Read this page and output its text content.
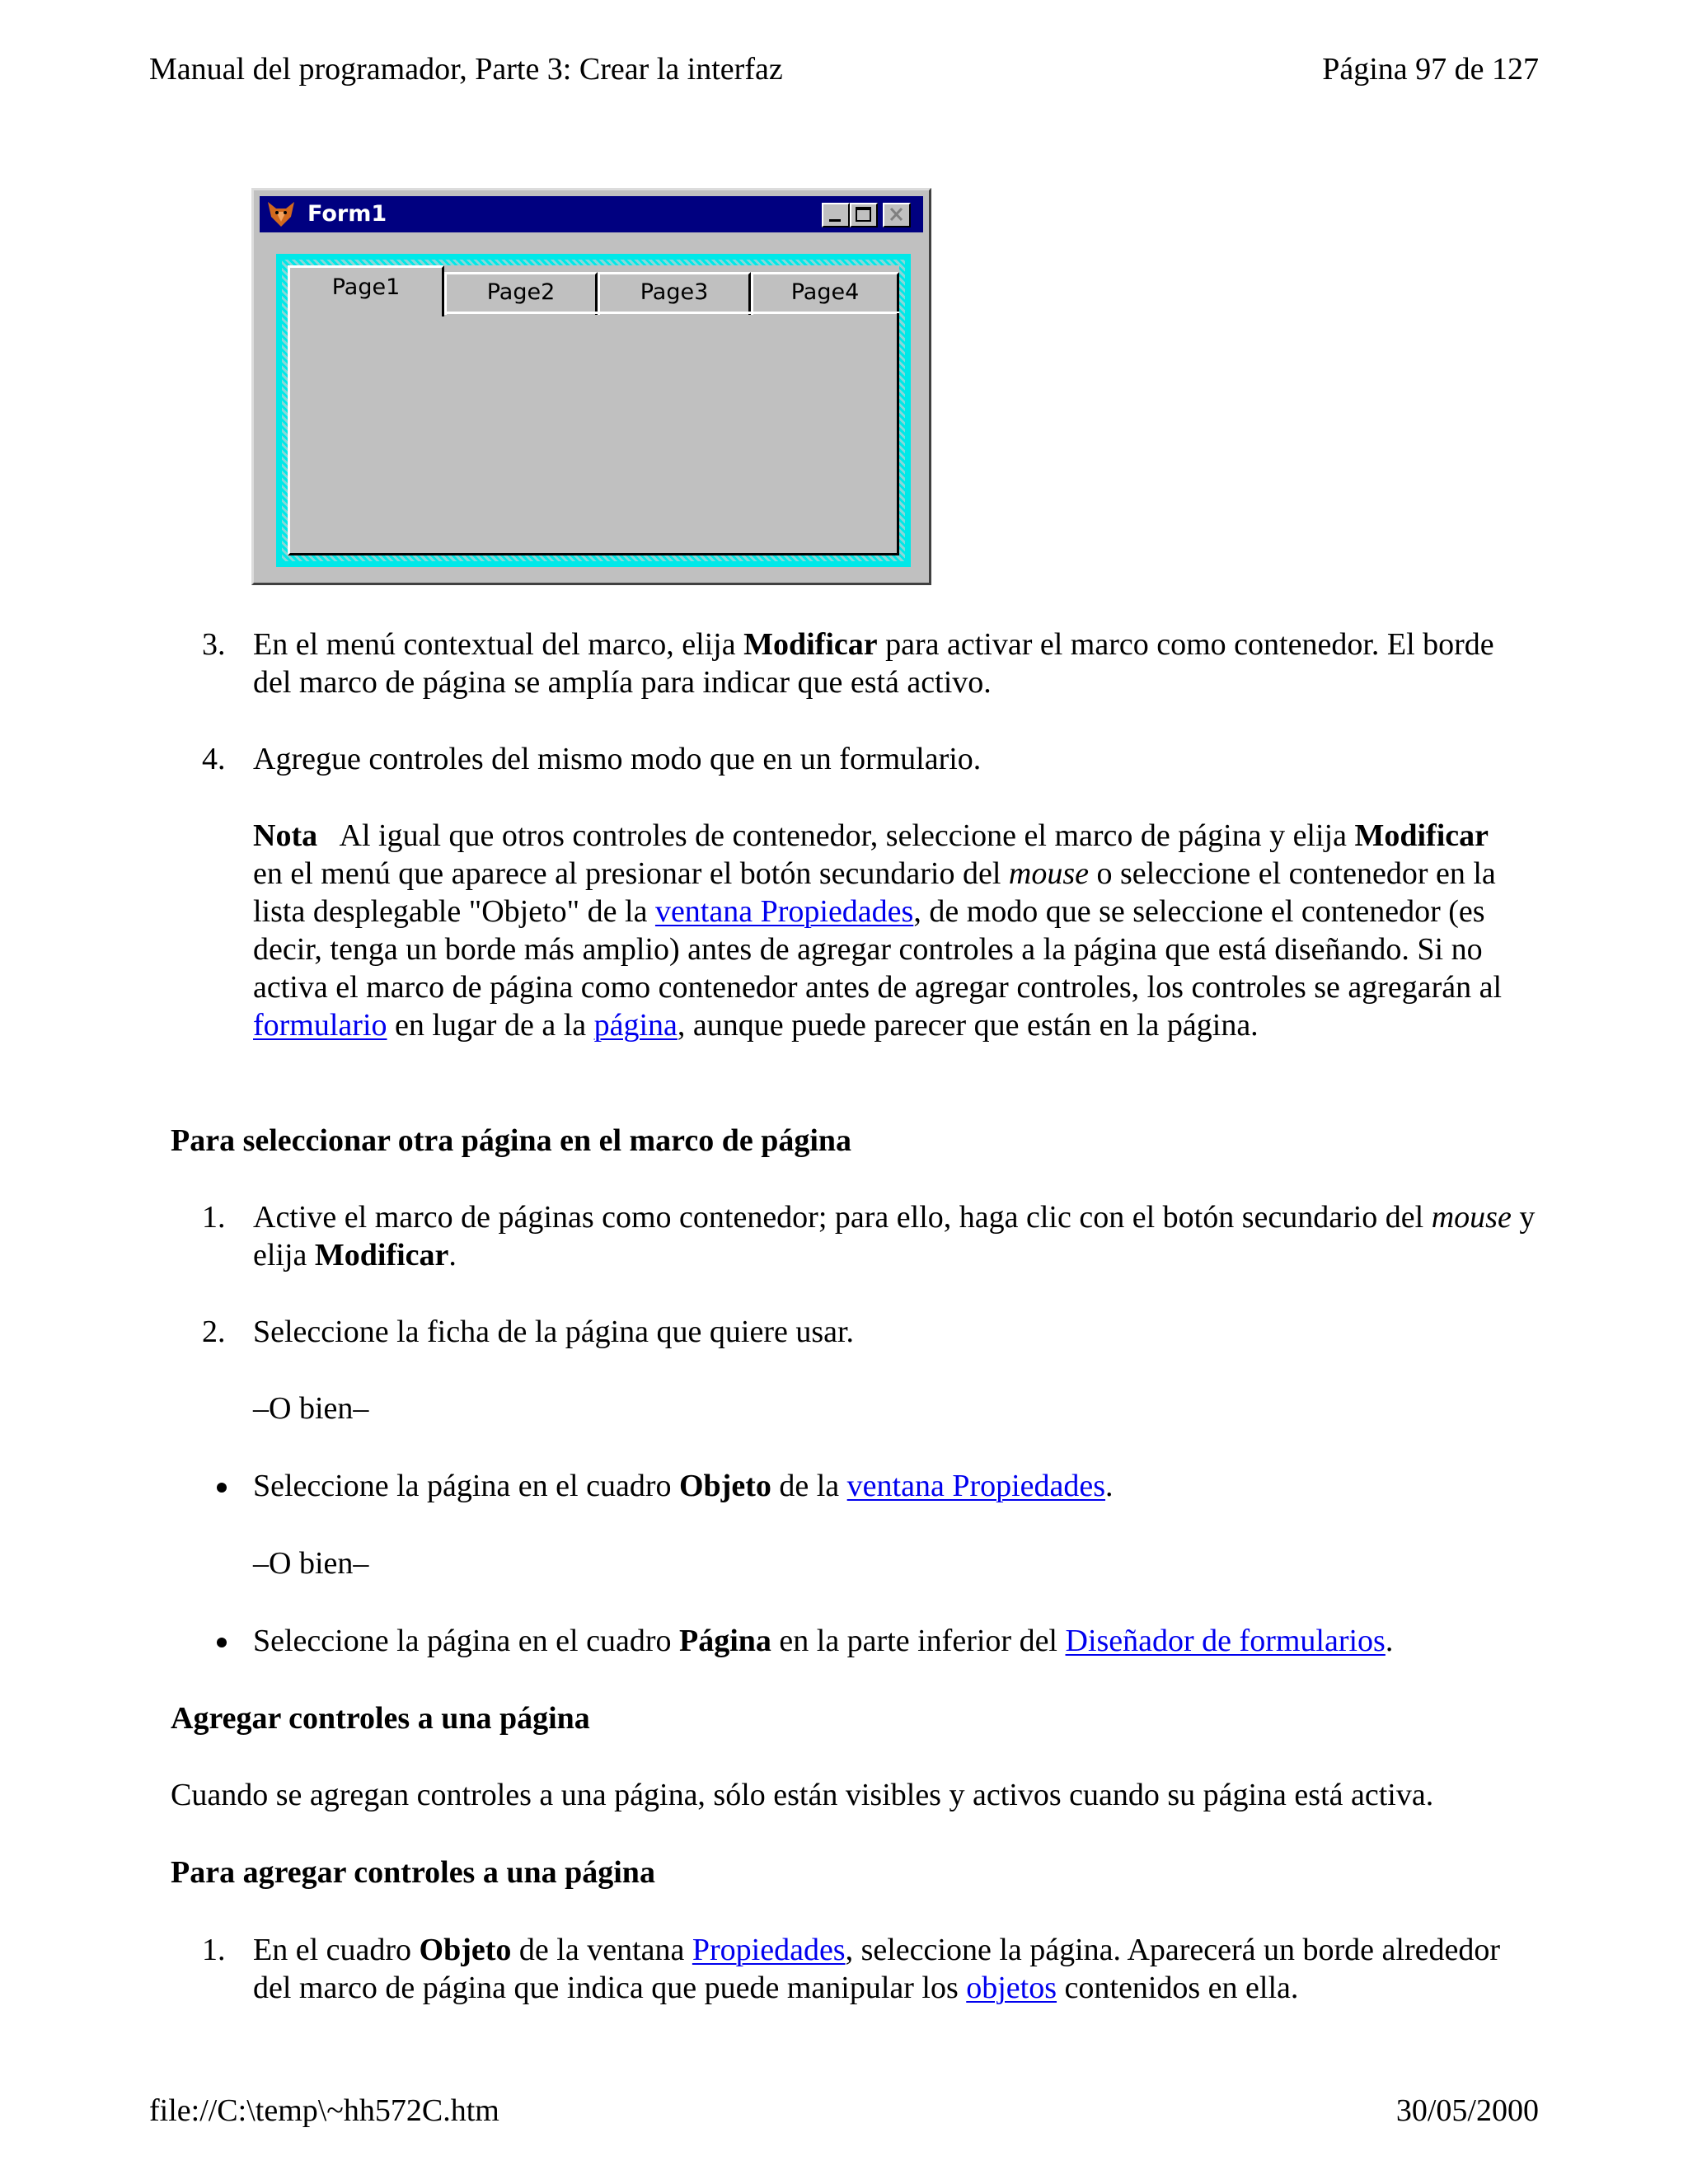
Manual del programador, Parte 3: Crear la interfaz	Página 97 de 127
Form1
Page1	Page2	Page3	Page4
3. En el menú contextual del marco, elija Modificar para activar el marco como contenedor. El borde del marco de página se amplía para indicar que está activo.
4. Agregue controles del mismo modo que en un formulario.
Nota Al igual que otros controles de contenedor, seleccione el marco de página y elija Modificar en el menú que aparece al presionar el botón secundario del mouse o seleccione el contenedor en la lista desplegable "Objeto" de la ventana Propiedades, de modo que se seleccione el contenedor (es decir, tenga un borde más amplio) antes de agregar controles a la página que está diseñando. Si no activa el marco de página como contenedor antes de agregar controles, los controles se agregarán al formulario en lugar de a la página, aunque puede parecer que están en la página.
Para seleccionar otra página en el marco de página
1. Active el marco de páginas como contenedor; para ello, haga clic con el botón secundario del mouse y elija Modificar.
2. Seleccione la ficha de la página que quiere usar.
–O bien–
Seleccione la página en el cuadro Objeto de la ventana Propiedades.
–O bien–
Seleccione la página en el cuadro Página en la parte inferior del Diseñador de formularios.
Agregar controles a una página
Cuando se agregan controles a una página, sólo están visibles y activos cuando su página está activa.
Para agregar controles a una página
1. En el cuadro Objeto de la ventana Propiedades, seleccione la página. Aparecerá un borde alrededor del marco de página que indica que puede manipular los objetos contenidos en ella.
file://C:\temp\~hh572C.htm	30/05/2000
